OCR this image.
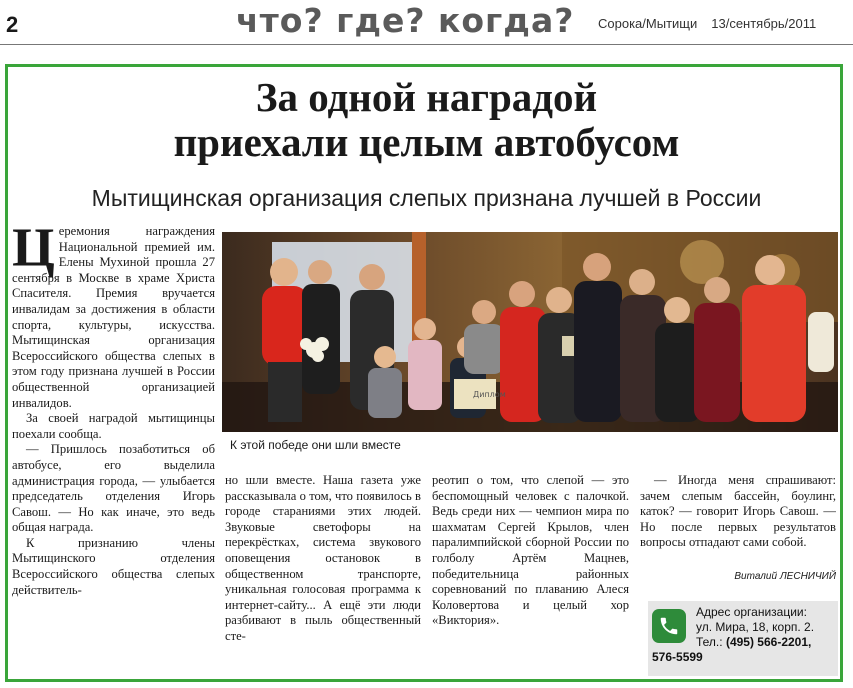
2	что? где? когда? Сорока/Мытищи 13/сентябрь/2011
За одной наградой
приехали целым автобусом
Мытищинская организация слепых признана лучшей в России

Церемония награждения Национальной премией им. Елены Мухиной прошла 27 сентября в Москве в храме Христа Спасителя. Премия вручается инвалидам за достижения в области спорта, культуры, искусства. Мытищинская организация Всероссийского общества слепых в этом году признана лучшей в России общественной организацией инвалидов.

За своей наградой мытищинцы поехали сообща.

— Пришлось позаботиться об автобусе, его выделила администрация города, — улыбается председатель отделения Игорь Савош. — Но как иначе, это ведь общая награда.

К признанию члены Мытищинского отделения Всероссийского общества слепых действитель-

Диплом
К этой победе они шли вместе

но шли вместе. Наша газета уже рассказывала о том, что появилось в городе стараниями этих людей. Звуковые светофоры на перекрёстках, система звукового оповещения остановок в общественном транспорте, уникальная голосовая программа к интернет-сайту... А ещё эти люди разбивают в пыль общественный сте-

реотип о том, что слепой — это беспомощный человек с палочкой. Ведь среди них — чемпион мира по шахматам Сергей Крылов, член паралимпийской сборной России по голболу Артём Мацнев, победительница районных соревнований по плаванию Алеся Коловертова и целый хор «Виктория».

— Иногда меня спрашивают: зачем слепым бассейн, боулинг, каток? — говорит Игорь Савош. — Но после первых результатов вопросы отпадают сами собой.

Виталий ЛЕСНИЧИЙ
Адрес организации:
ул. Мира, 18, корп. 2.
Тел.: (495) 566-2201,
576-5599
